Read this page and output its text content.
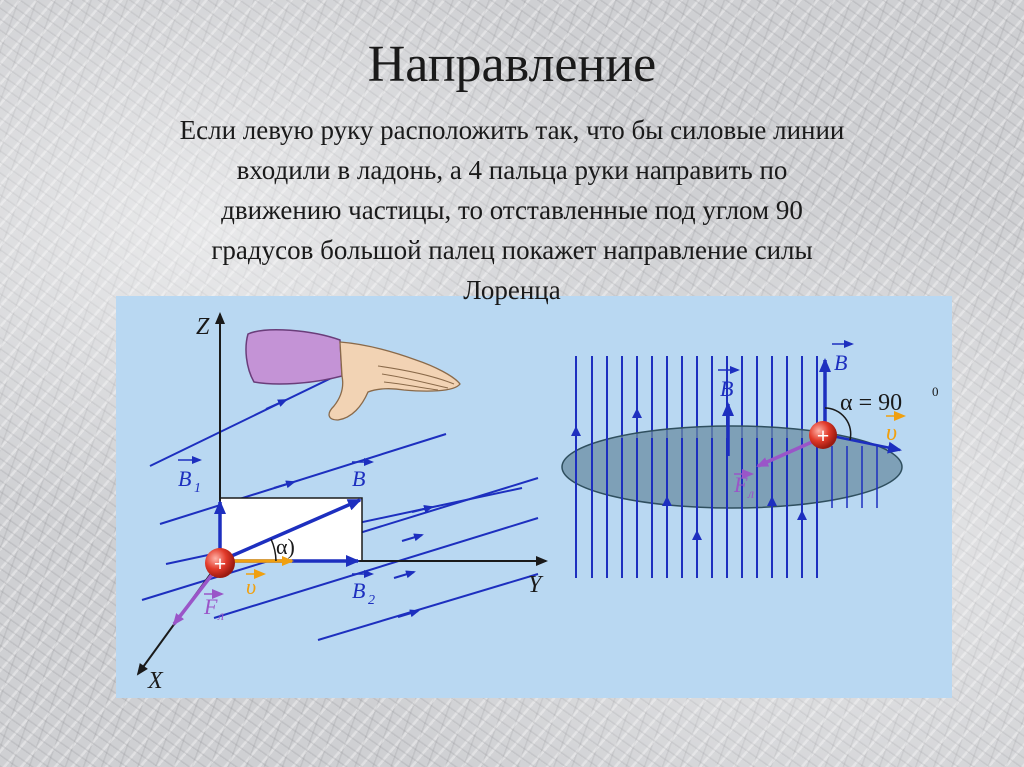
Направление
Если левую руку расположить так, что бы силовые линии
входили в ладонь, а 4 пальца руки направить по
движению частицы, то отставленные под углом 90
градусов большой палец покажет направление силы
Лоренца
+
Z
Y
X
B 1	B
B 2
α)
υ
F л
+
B
B
α = 90 0
υ
F л
